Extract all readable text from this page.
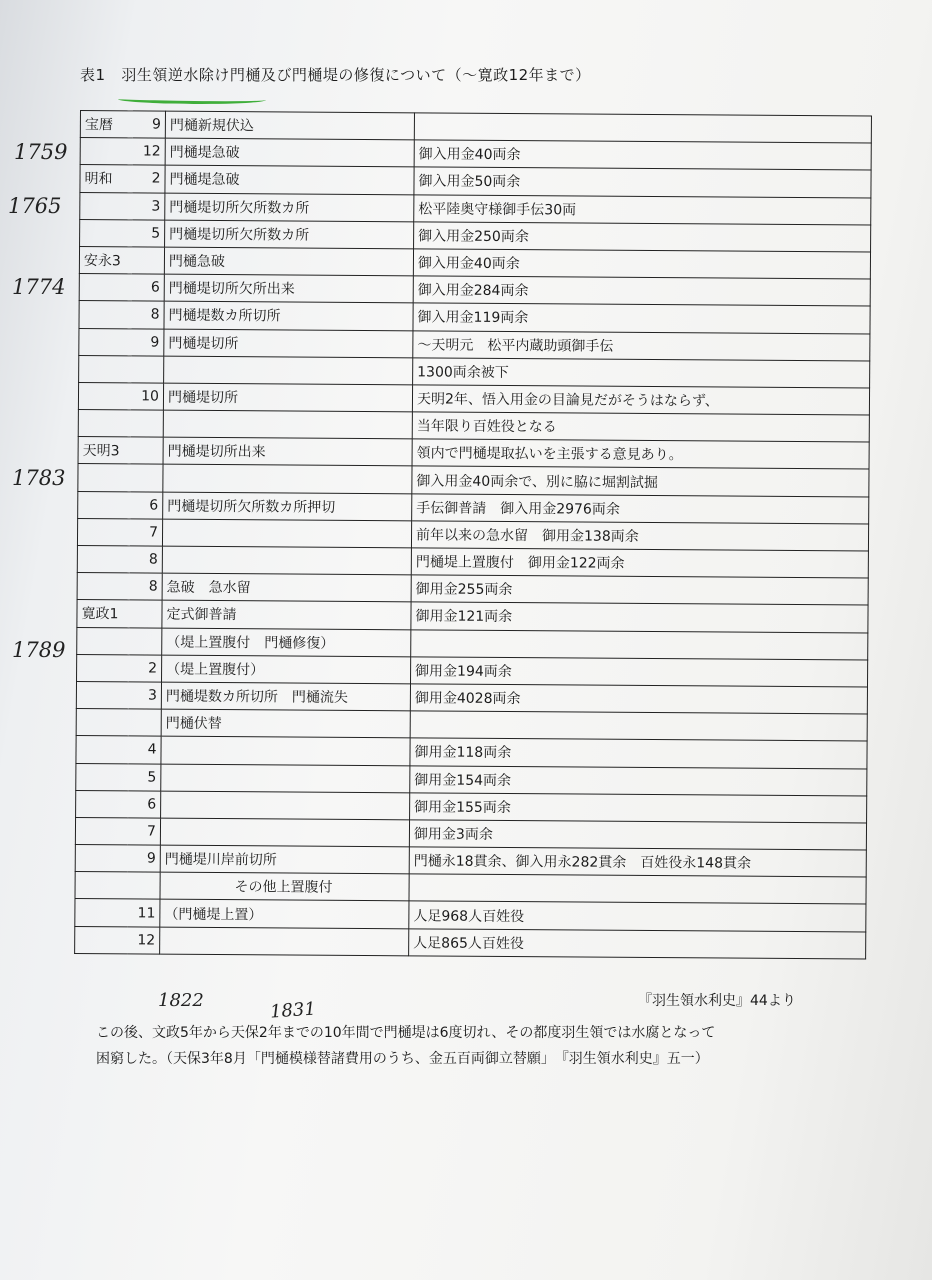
表1 羽生領逆水除け門樋及び門樋堤の修復について（〜寛政12年まで）
1759
1765
1774
1783
1789
1822	1831
宝暦	9	門樋新規伏込	
	12	門樋堤急破	御入用金40両余
明和	2	門樋堤急破	御入用金50両余
	3	門樋堤切所欠所数カ所	松平陸奥守様御手伝30両
	5	門樋堤切所欠所数カ所	御入用金250両余
安永3		門樋急破	御入用金40両余
	6	門樋堤切所欠所出来	御入用金284両余
	8	門樋堤数カ所切所	御入用金119両余
	9	門樋堤切所	〜天明元　松平内蔵助頭御手伝
			1300両余被下
	10	門樋堤切所	天明2年、悟入用金の目論見だがそうはならず、
			当年限り百姓役となる
天明3		門樋堤切所出来	領内で門樋堤取払いを主張する意見あり。
			御入用金40両余で、別に脇に堀割試掘
	6	門樋堤切所欠所数カ所押切	手伝御普請　御入用金2976両余
	7		前年以来の急水留　御用金138両余
	8		門樋堤上置腹付　御用金122両余
	8	急破　急水留	御用金255両余
寛政1		定式御普請	御用金121両余
		（堤上置腹付　門樋修復）	
	2	（堤上置腹付）	御用金194両余
	3	門樋堤数カ所切所　門樋流失	御用金4028両余
		門樋伏替	
	4		御用金118両余
	5		御用金154両余
	6		御用金155両余
	7		御用金3両余
	9	門樋堤川岸前切所	門樋永18貫余、御入用永282貫余　百姓役永148貫余
		　　　　　その他上置腹付	
	11	（門樋堤上置）	人足968人百姓役
	12		人足865人百姓役
『羽生領水利史』44より
この後、文政5年から天保2年までの10年間で門樋堤は6度切れ、その都度羽生領では水腐となって
困窮した。（天保3年8月「門樋模様替諸費用のうち、金五百両御立替願」　『羽生領水利史』五一）
